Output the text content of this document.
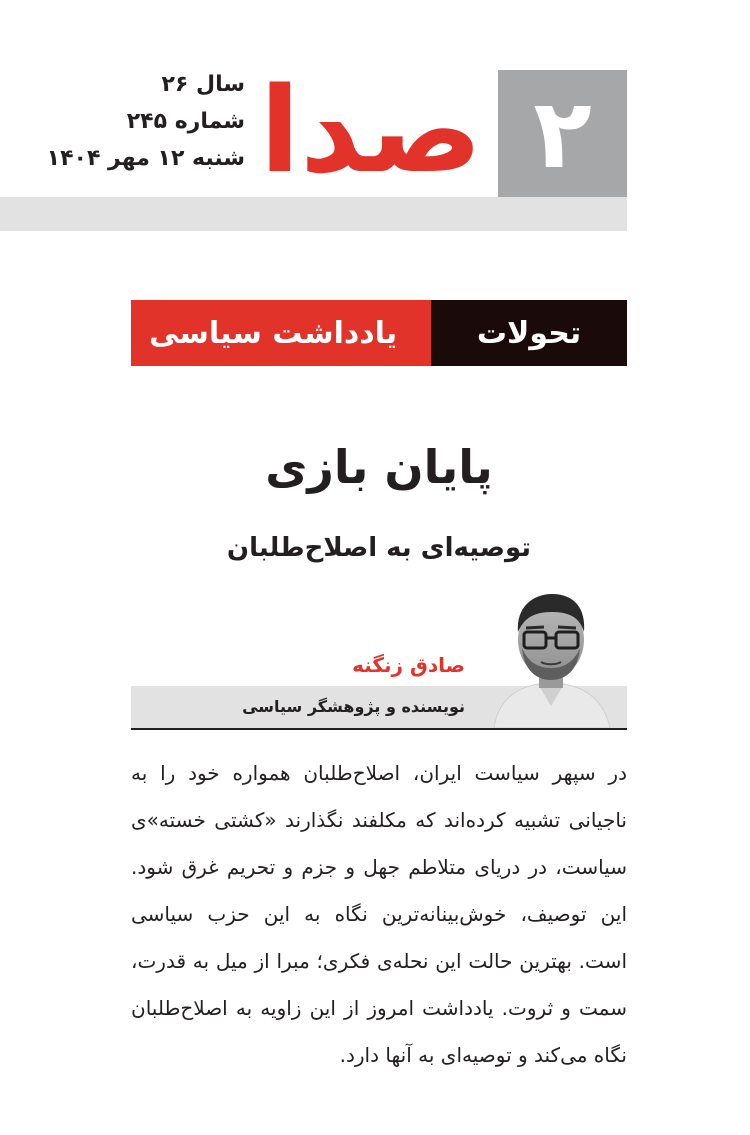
۲
صدا
سال ۲۶
شماره ۲۴۵
شنبه ۱۲ مهر ۱۴۰۴
تحولات
یادداشت سیاسی
پایان بازی
توصیه‌ای به اصلاح‌طلبان
صادق زنگنه
نویسنده و پژوهشگر سیاسی
در سپهر سیاست ایران، اصلاح‌طلبان همواره خود را به ناجیانی تشبیه کرده‌اند که مکلفند نگذارند «کشتی خسته»ی سیاست، در دریای متلاطم جهل و جزم و تحریم غرق شود. این توصیف، خوش‌بینانه‌ترین نگاه به این حزب سیاسی است. بهترین حالت این نحله‌ی فکری؛ مبرا از میل به قدرت، سمت و ثروت. یادداشت امروز از این زاویه به اصلاح‌طلبان نگاه می‌کند و توصیه‌ای به آنها دارد.
